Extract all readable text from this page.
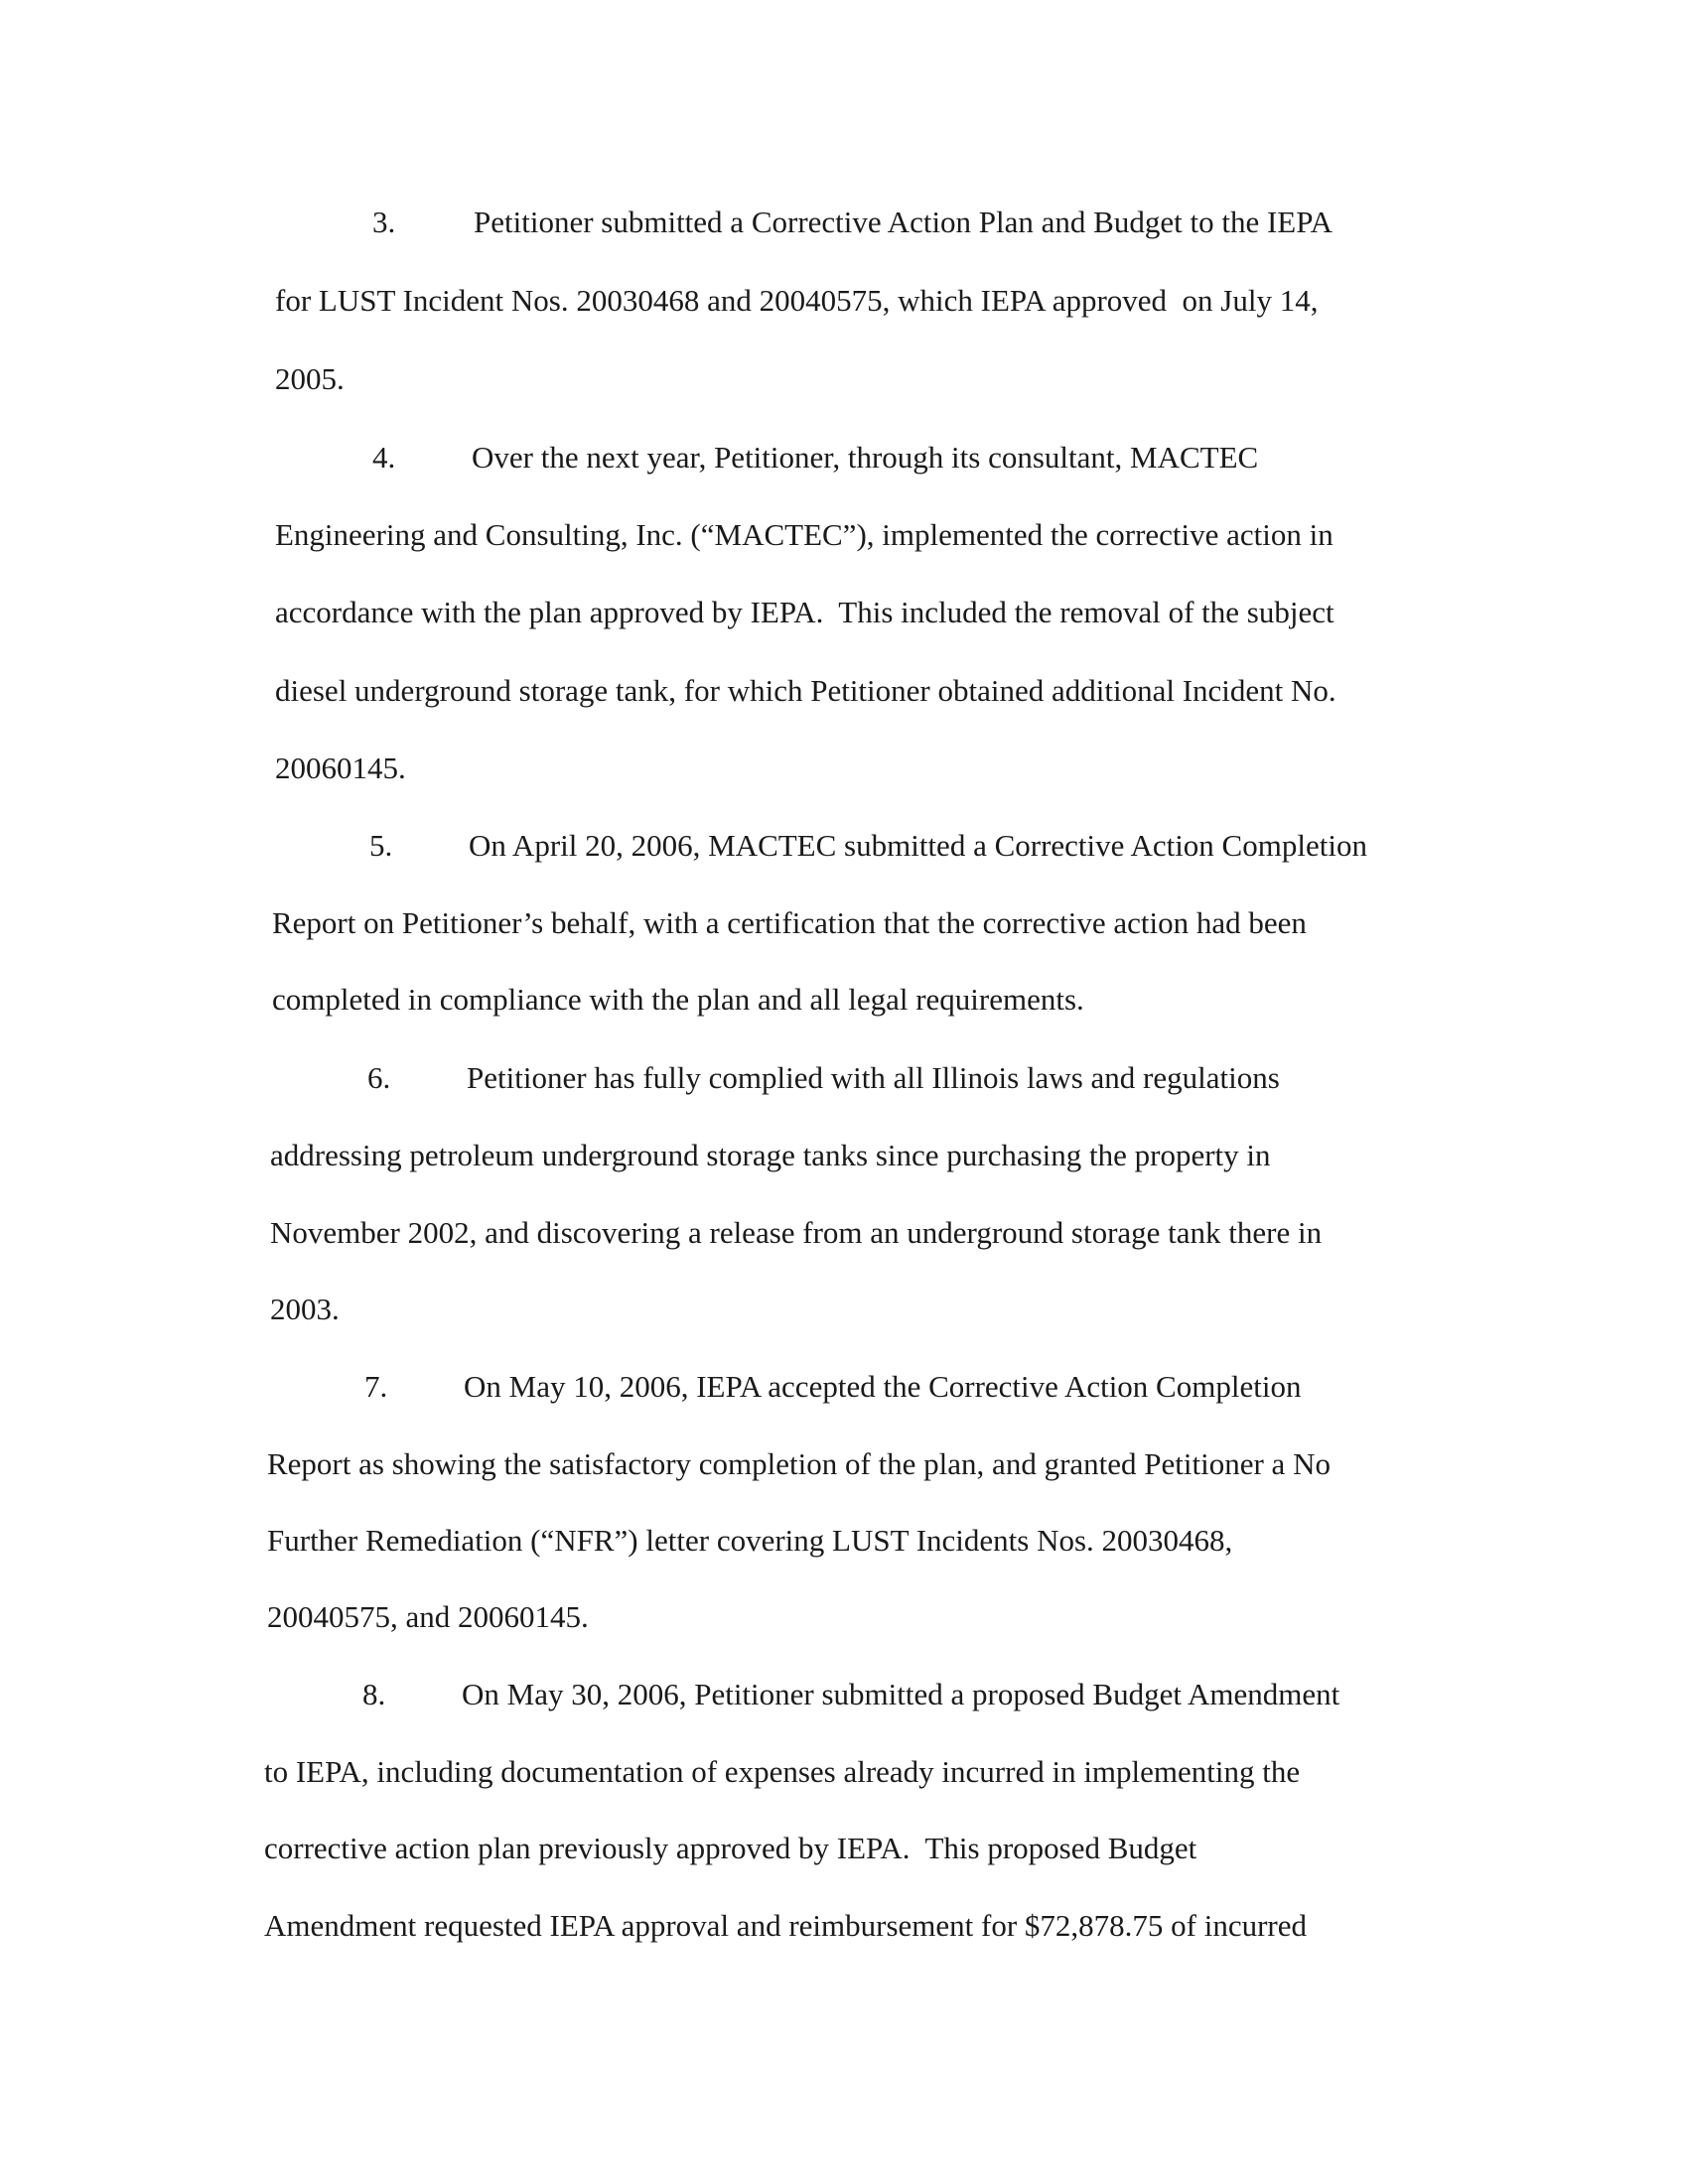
3.	Petitioner submitted a Corrective Action Plan and Budget to the IEPA
for LUST Incident Nos. 20030468 and 20040575, which IEPA approved  on July 14,
2005.
4. Over the next year, Petitioner, through its consultant, MACTEC
Engineering and Consulting, Inc. (“MACTEC”), implemented the corrective action in
accordance with the plan approved by IEPA.  This included the removal of the subject
diesel underground storage tank, for which Petitioner obtained additional Incident No.
20060145.
5. On April 20, 2006, MACTEC submitted a Corrective Action Completion
Report on Petitioner’s behalf, with a certification that the corrective action had been
completed in compliance with the plan and all legal requirements.
6. Petitioner has fully complied with all Illinois laws and regulations
addressing petroleum underground storage tanks since purchasing the property in
November 2002, and discovering a release from an underground storage tank there in
2003.
7. On May 10, 2006, IEPA accepted the Corrective Action Completion
Report as showing the satisfactory completion of the plan, and granted Petitioner a No
Further Remediation (“NFR”) letter covering LUST Incidents Nos. 20030468,
20040575, and 20060145.
8. On May 30, 2006, Petitioner submitted a proposed Budget Amendment
to IEPA, including documentation of expenses already incurred in implementing the
corrective action plan previously approved by IEPA.  This proposed Budget
Amendment requested IEPA approval and reimbursement for $72,878.75 of incurred
